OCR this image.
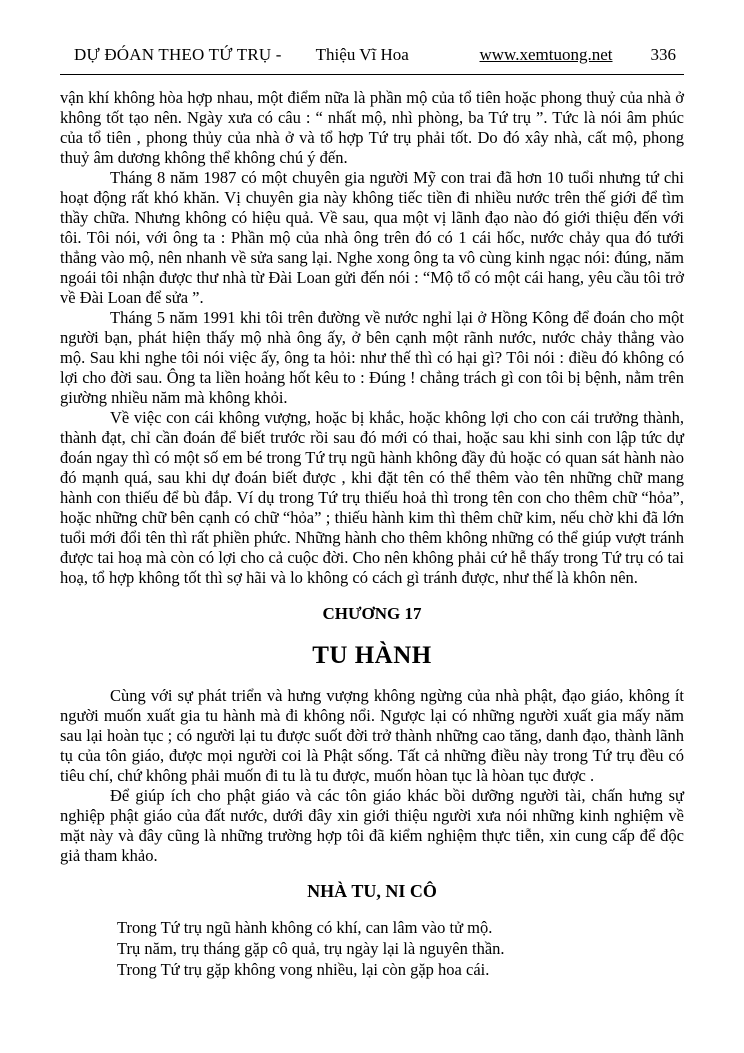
DỰ ĐÓAN THEO TỨ TRỤ - Thiệu Vĩ Hoa	www.xemtuong.net 336

vận khí không hòa hợp nhau, một điểm nữa là phần mộ của tổ tiên hoặc phong thuỷ của nhà ở không tốt tạo nên. Ngày xưa có câu : “ nhất mộ, nhì phòng, ba Tứ trụ ”. Tức là nói âm phúc của tổ tiên , phong thủy của nhà ở và tổ hợp Tứ trụ phải tốt. Do đó xây nhà, cất mộ, phong thuỷ âm dương không thể không chú ý đến.

Tháng 8 năm 1987 có một chuyên gia người Mỹ con trai đã hơn 10 tuổi nhưng tứ chi hoạt động rất khó khăn. Vị chuyên gia này không tiếc tiền đi nhiều nước trên thế giới để tìm thầy chữa. Nhưng không có hiệu quả. Về sau, qua một vị lãnh đạo nào đó giới thiệu đến với tôi. Tôi nói, với ông ta : Phần mộ của nhà ông trên đó có 1 cái hốc, nước chảy qua đó tưới thẳng vào mộ, nên nhanh về sửa sang lại. Nghe xong ông ta vô cùng kinh ngạc nói: đúng, năm ngoái tôi nhận được thư nhà từ Đài Loan gửi đến nói : “Mộ tổ có một cái hang, yêu cầu tôi trở về Đài Loan để sửa ”.

Tháng 5 năm 1991 khi tôi trên đường về nước nghỉ lại ở Hồng Kông để đoán cho một người bạn, phát hiện thấy mộ nhà ông ấy, ở bên cạnh một rãnh nước, nước chảy thẳng vào mộ. Sau khi nghe tôi nói việc ấy, ông ta hỏi: như thế thì có hại gì? Tôi nói : điều đó không có lợi cho đời sau. Ông ta liền hoảng hốt kêu to : Đúng ! chẳng trách gì con tôi bị bệnh, nằm trên giường nhiều năm mà không khỏi.

Về việc con cái không vượng, hoặc bị khắc, hoặc không lợi cho con cái trưởng thành, thành đạt, chỉ cần đoán để biết trước rồi sau đó mới có thai, hoặc sau khi sinh con lập tức dự đoán ngay thì có một số em bé trong Tứ trụ ngũ hành không đầy đủ hoặc có quan sát hành nào đó mạnh quá, sau khi dự đoán biết được , khi đặt tên có thể thêm vào tên những chữ mang hành con thiếu để bù đắp. Ví dụ trong Tứ trụ thiếu hoả thì trong tên con cho thêm chữ “hỏa”, hoặc những chữ bên cạnh có chữ “hỏa” ; thiếu hành kim thì thêm chữ kim, nếu chờ khi đã lớn tuổi mới đổi tên thì rất phiền phức. Những hành cho thêm không những có thể giúp vượt tránh được tai hoạ mà còn có lợi cho cả cuộc đời. Cho nên không phải cứ hễ thấy trong Tứ trụ có tai hoạ, tổ hợp không tốt thì sợ hãi và lo không có cách gì tránh được, như thế là khôn nên.

CHƯƠNG 17
TU HÀNH

Cùng với sự phát triển và hưng vượng không ngừng của nhà phật, đạo giáo, không ít người muốn xuất gia tu hành mà đi không nổi. Ngược lại có những người xuất gia mấy năm sau lại hoàn tục ; có người lại tu được suốt đời trở thành những cao tăng, danh đạo, thành lãnh tụ của tôn giáo, được mọi người coi là Phật sống. Tất cả những điều này trong Tứ trụ đều có tiêu chí, chứ không phải muốn đi tu là tu được, muốn hòan tục là hòan tục được .

Để giúp ích cho phật giáo và các tôn giáo khác bồi dưỡng người tài, chấn hưng sự nghiệp phật giáo của đất nước, dưới đây xin giới thiệu người xưa nói những kinh nghiệm về mặt này và đây cũng là những trường hợp tôi đã kiểm nghiệm thực tiễn, xin cung cấp để độc giả tham khảo.

NHÀ TU, NI CÔ
Trong Tứ trụ ngũ hành không có khí, can lâm vào tử mộ.
Trụ năm, trụ tháng gặp cô quả, trụ ngày lại là nguyên thần.
Trong Tứ trụ gặp không vong nhiều, lại còn gặp hoa cái.
